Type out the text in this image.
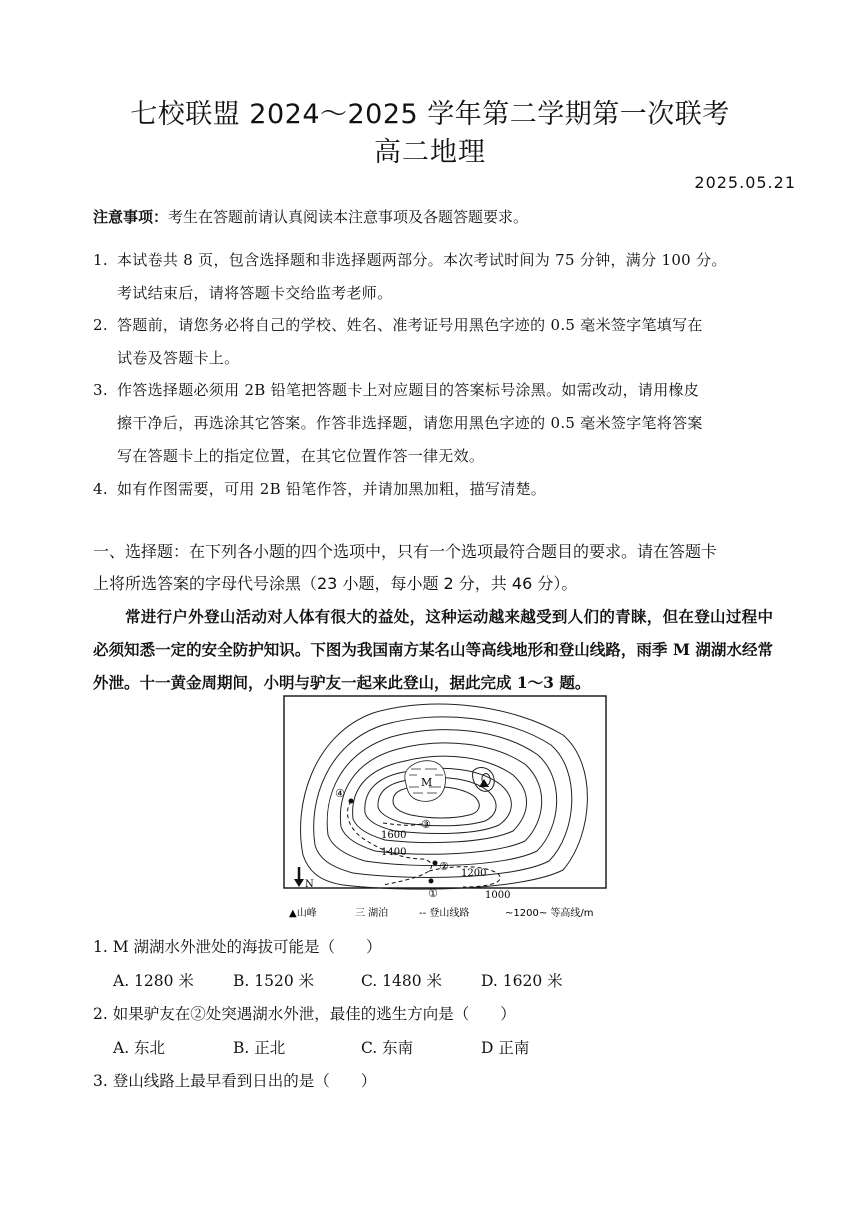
七校联盟 2024～2025 学年第二学期第一次联考
高二地理
2025.05.21
注意事项：考生在答题前请认真阅读本注意事项及各题答题要求。
1. 本试卷共 8 页，包含选择题和非选择题两部分。本次考试时间为 75 分钟，满分 100 分。
考试结束后，请将答题卡交给监考老师。
2. 答题前，请您务必将自己的学校、姓名、准考证号用黑色字迹的 0.5 毫米签字笔填写在
试卷及答题卡上。
3. 作答选择题必须用 2B 铅笔把答题卡上对应题目的答案标号涂黑。如需改动，请用橡皮
擦干净后，再选涂其它答案。作答非选择题，请您用黑色字迹的 0.5 毫米签字笔将答案
写在答题卡上的指定位置，在其它位置作答一律无效。
4. 如有作图需要，可用 2B 铅笔作答，并请加黑加粗，描写清楚。
一、选择题：在下列各小题的四个选项中，只有一个选项最符合题目的要求。请在答题卡
上将所选答案的字母代号涂黑（23 小题，每小题 2 分，共 46 分）。
常进行户外登山活动对人体有很大的益处，这种运动越来越受到人们的青睐，但在登山过程中必须知悉一定的安全防护知识。下图为我国南方某名山等高线地形和登山线路，雨季 M 湖湖水经常外泄。十一黄金周期间，小明与驴友一起来此登山，据此完成 1～3 题。
M
1600
1400
1200
1000
①
②
③
④
N
▲山峰	三 湖泊	-- 登山线路	~1200~ 等高线/m
1. M 湖湖水外泄处的海拔可能是（　　）
A. 1280 米	B. 1520 米	C. 1480 米	D. 1620 米
2. 如果驴友在②处突遇湖水外泄，最佳的逃生方向是（　　）
A. 东北	B. 正北	C. 东南	D 正南
3. 登山线路上最早看到日出的是（　　）
